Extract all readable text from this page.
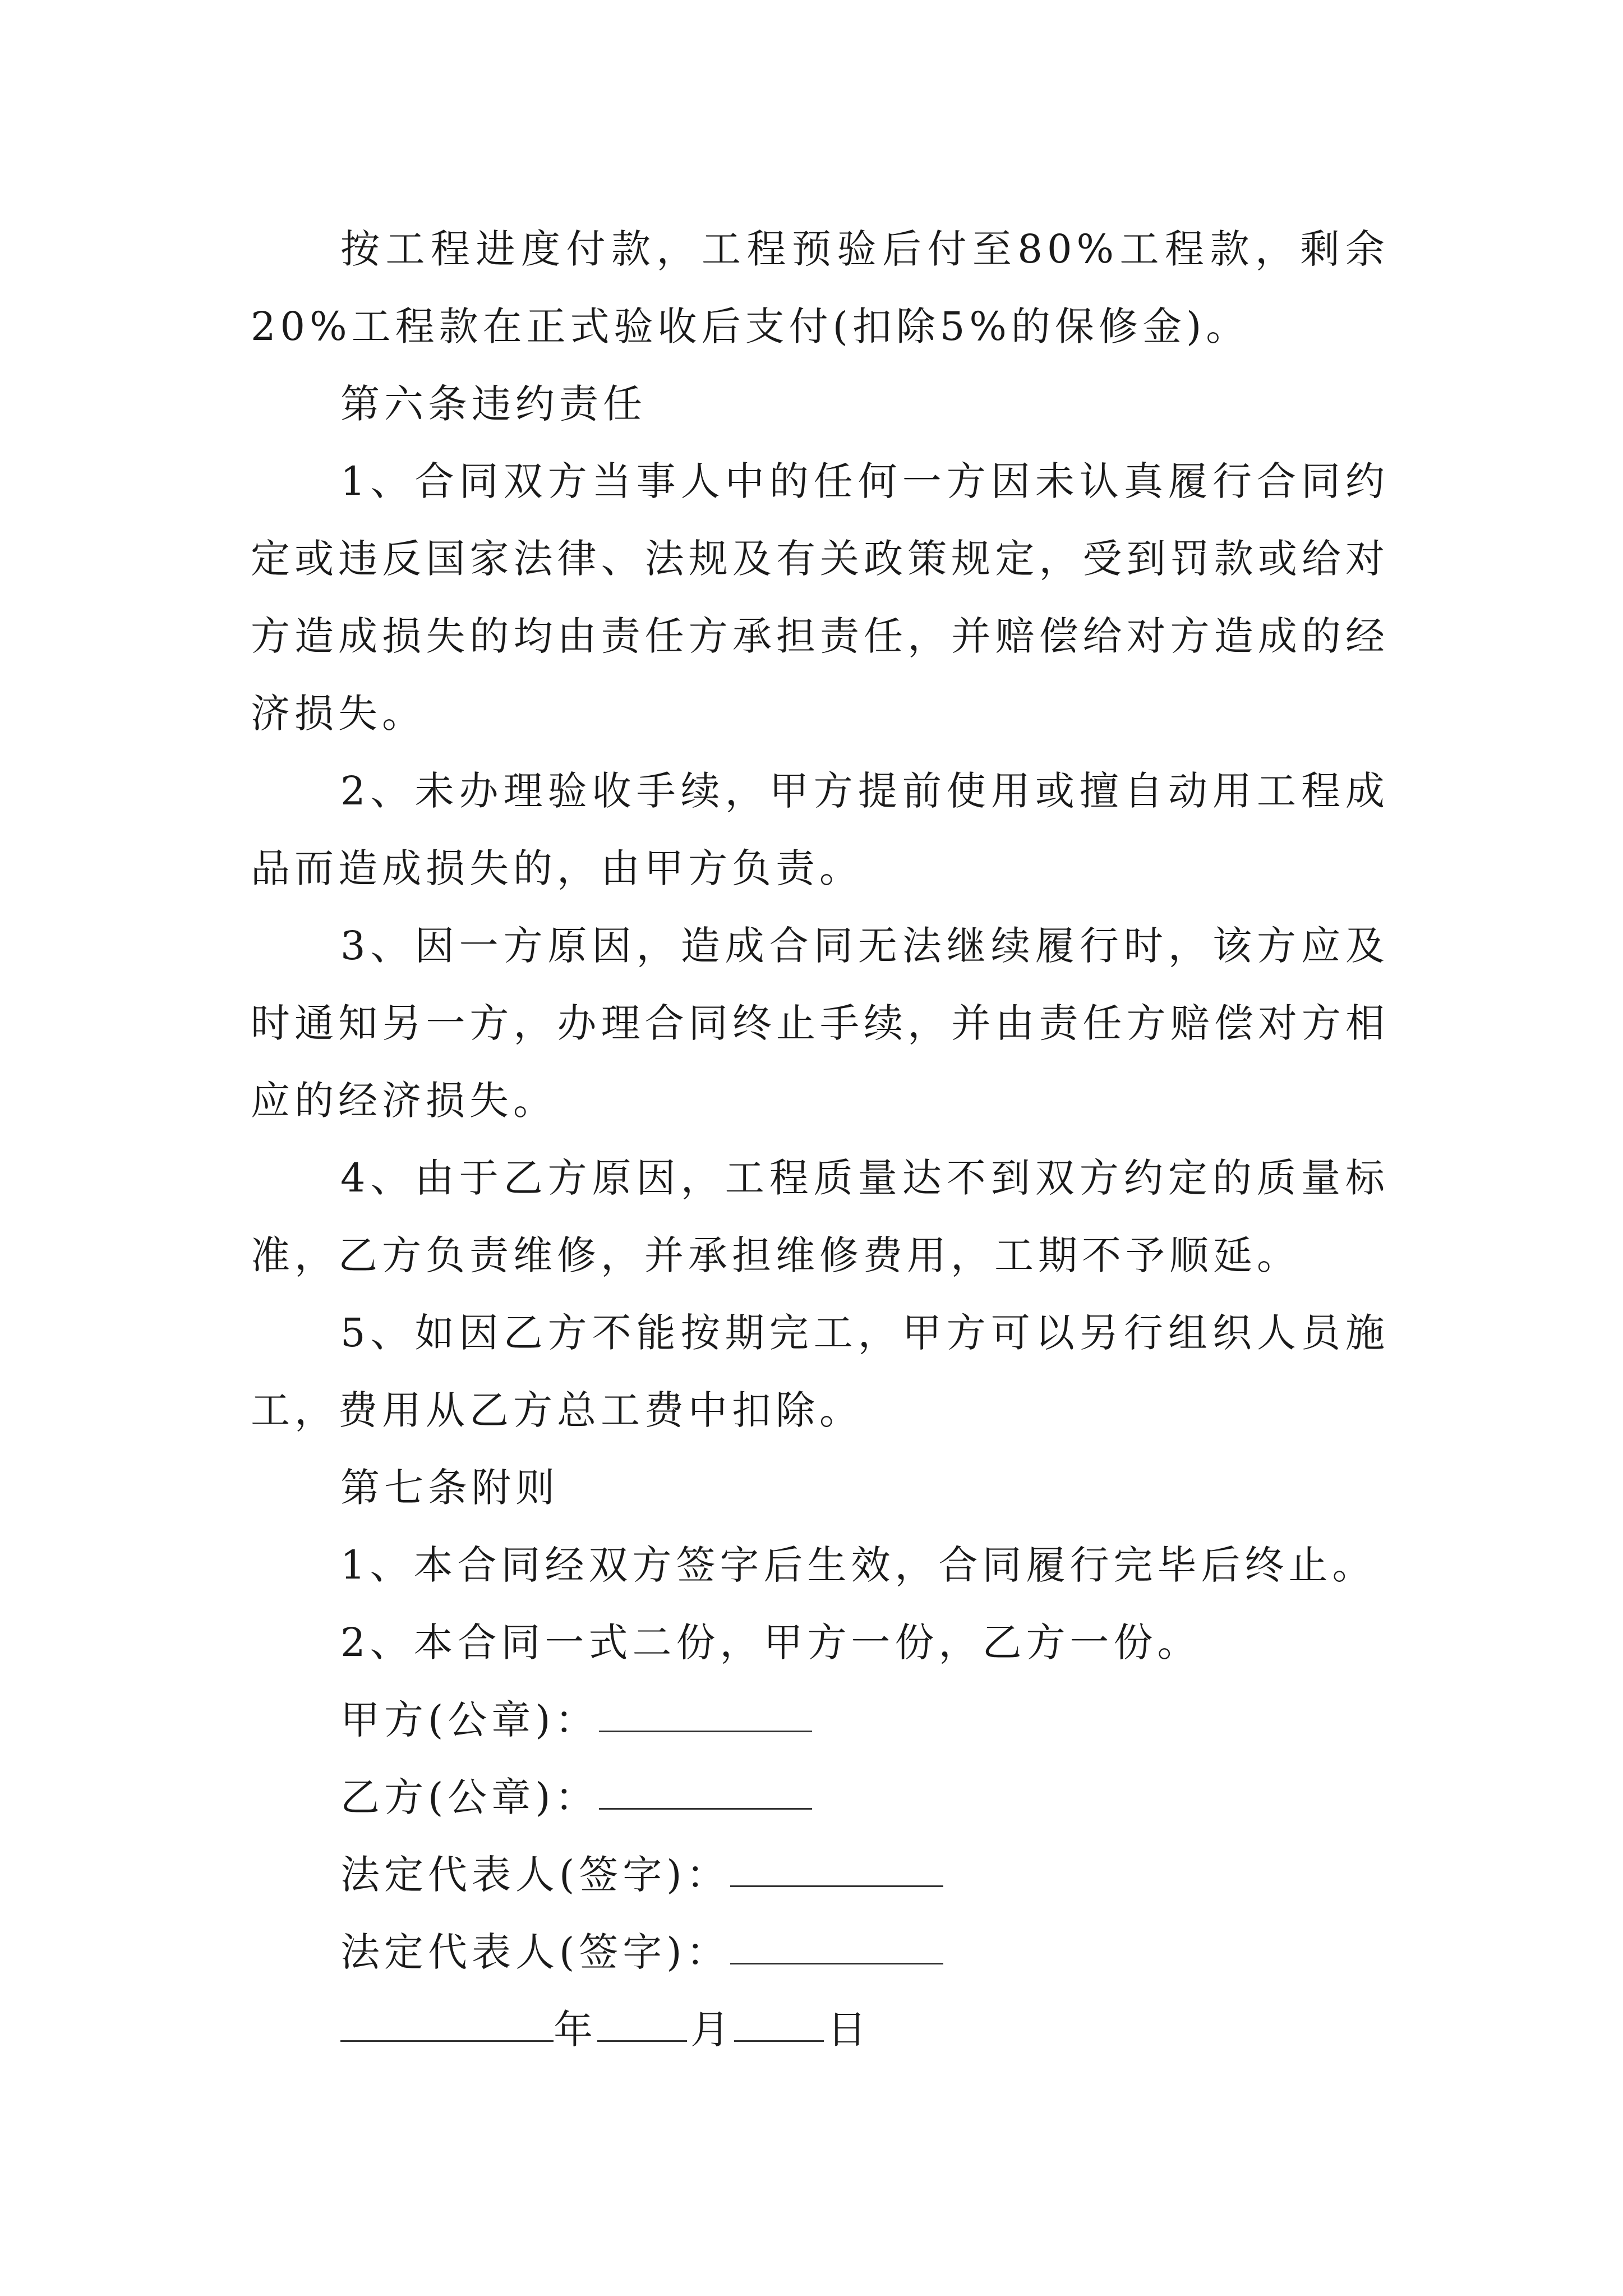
按工程进度付款，工程预验后付至80%工程款，剩余20%工程款在正式验收后支付(扣除5%的保修金)。

第六条违约责任

1、合同双方当事人中的任何一方因未认真履行合同约定或违反国家法律、法规及有关政策规定，受到罚款或给对方造成损失的均由责任方承担责任，并赔偿给对方造成的经济损失。

2、未办理验收手续，甲方提前使用或擅自动用工程成品而造成损失的，由甲方负责。

3、因一方原因，造成合同无法继续履行时，该方应及时通知另一方，办理合同终止手续，并由责任方赔偿对方相应的经济损失。

4、由于乙方原因，工程质量达不到双方约定的质量标准，乙方负责维修，并承担维修费用，工期不予顺延。

5、如因乙方不能按期完工，甲方可以另行组织人员施工，费用从乙方总工费中扣除。

第七条附则

1、本合同经双方签字后生效，合同履行完毕后终止。

2、本合同一式二份，甲方一份，乙方一份。

甲方(公章)：

乙方(公章)：

法定代表人(签字)：

法定代表人(签字)：

年 月 日
